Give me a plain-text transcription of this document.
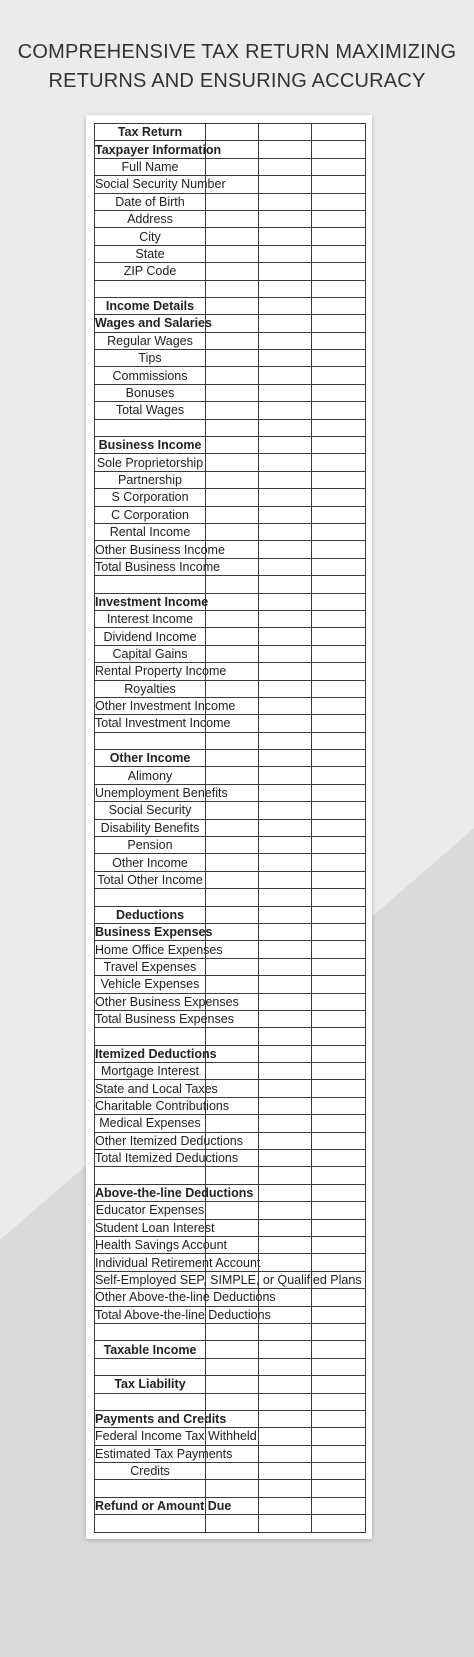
COMPREHENSIVE TAX RETURN MAXIMIZING
RETURNS AND ENSURING ACCURACY
Tax Return			
Taxpayer Information			
Full Name			
Social Security Number			
Date of Birth			
Address			
City			
State			
ZIP Code			

Income Details			
Wages and Salaries			
Regular Wages			
Tips			
Commissions			
Bonuses			
Total Wages			

Business Income			
Sole Proprietorship			
Partnership			
S Corporation			
C Corporation			
Rental Income			
Other Business Income			
Total Business Income			

Investment Income			
Interest Income			
Dividend Income			
Capital Gains			
Rental Property Income			
Royalties			
Other Investment Income			
Total Investment Income			

Other Income			
Alimony			
Unemployment Benefits			
Social Security			
Disability Benefits			
Pension			
Other Income			
Total Other Income			

Deductions			
Business Expenses			
Home Office Expenses			
Travel Expenses			
Vehicle Expenses			
Other Business Expenses			
Total Business Expenses			

Itemized Deductions			
Mortgage Interest			
State and Local Taxes			
Charitable Contributions			
Medical Expenses			
Other Itemized Deductions			
Total Itemized Deductions			

Above-the-line Deductions			
Educator Expenses			
Student Loan Interest			
Health Savings Account			
Individual Retirement Account			
Self-Employed SEP, SIMPLE, or Qualified Plans			
Other Above-the-line Deductions			
Total Above-the-line Deductions			

Taxable Income			

Tax Liability			

Payments and Credits			
Federal Income Tax Withheld			
Estimated Tax Payments			
Credits			

Refund or Amount Due			
